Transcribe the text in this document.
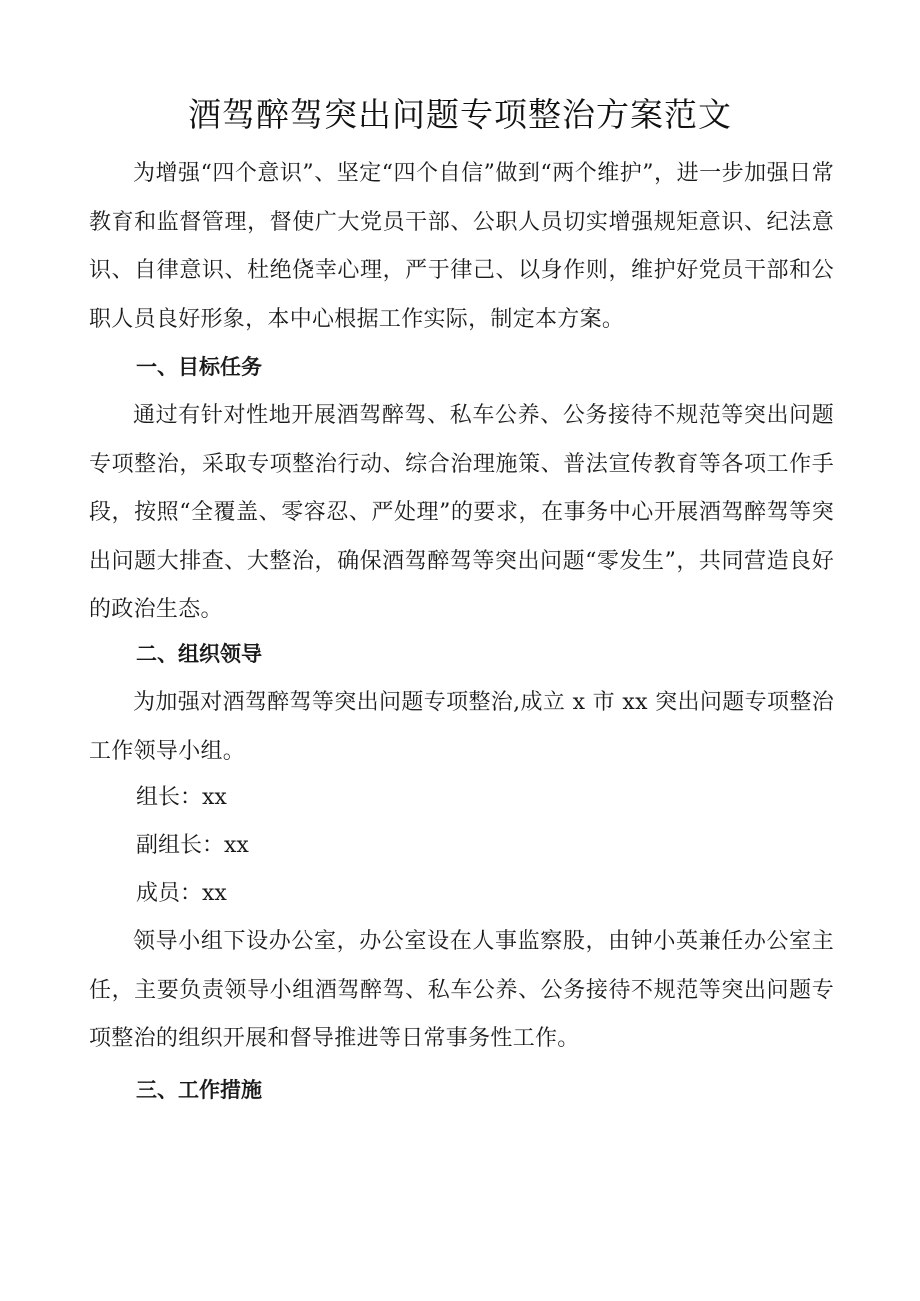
酒驾醉驾突出问题专项整治方案范文

为增强“四个意识”、坚定“四个自信”做到“两个维护”，进一步加强日常教育和监督管理，督使广大党员干部、公职人员切实增强规矩意识、纪法意识、自律意识、杜绝侥幸心理，严于律己、以身作则，维护好党员干部和公职人员良好形象，本中心根据工作实际，制定本方案。

一、目标任务

通过有针对性地开展酒驾醉驾、私车公养、公务接待不规范等突出问题专项整治，采取专项整治行动、综合治理施策、普法宣传教育等各项工作手段，按照“全覆盖、零容忍、严处理”的要求，在事务中心开展酒驾醉驾等突出问题大排查、大整治，确保酒驾醉驾等突出问题“零发生”，共同营造良好的政治生态。

二、组织领导

为加强对酒驾醉驾等突出问题专项整治,成立 x 市 xx 突出问题专项整治工作领导小组。

组长：xx

副组长：xx

成员：xx

领导小组下设办公室，办公室设在人事监察股，由钟小英兼任办公室主任，主要负责领导小组酒驾醉驾、私车公养、公务接待不规范等突出问题专项整治的组织开展和督导推进等日常事务性工作。

三、工作措施
